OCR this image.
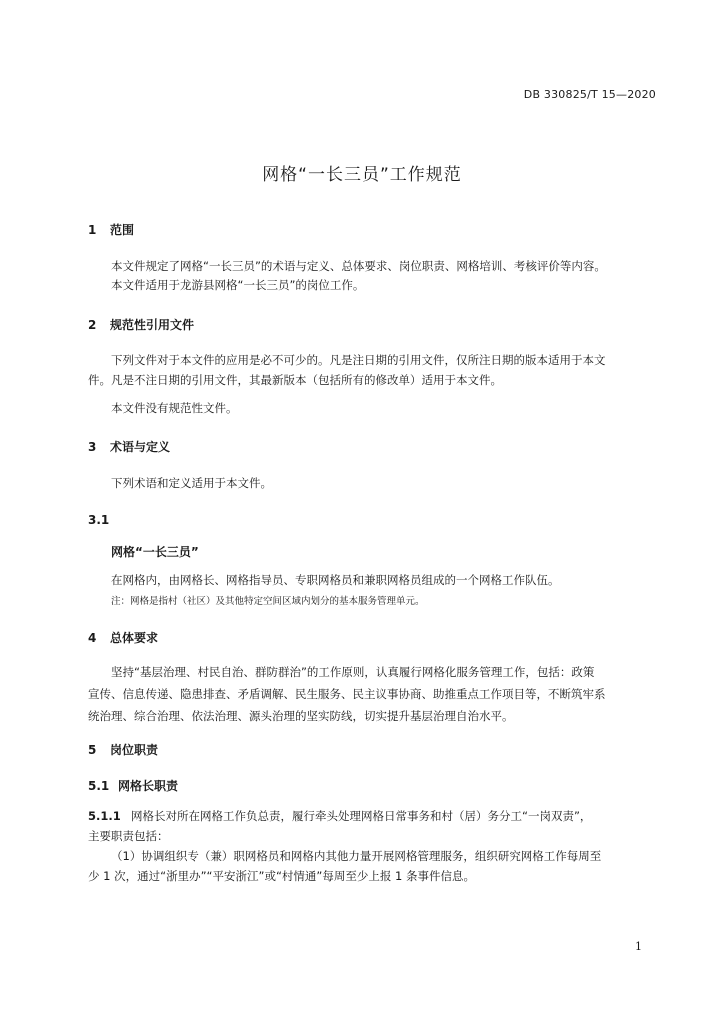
DB 330825/T 15—2020
网格“一长三员”工作规范
1 范围
本文件规定了网格“一长三员”的术语与定义、总体要求、岗位职责、网格培训、考核评价等内容。
本文件适用于龙游县网格“一长三员”的岗位工作。
2 规范性引用文件
下列文件对于本文件的应用是必不可少的。凡是注日期的引用文件，仅所注日期的版本适用于本文
件。凡是不注日期的引用文件，其最新版本（包括所有的修改单）适用于本文件。
本文件没有规范性文件。
3 术语与定义
下列术语和定义适用于本文件。
3.1
网格“一长三员”
在网格内，由网格长、网格指导员、专职网格员和兼职网格员组成的一个网格工作队伍。
注：网格是指村（社区）及其他特定空间区域内划分的基本服务管理单元。
4 总体要求
坚持“基层治理、村民自治、群防群治”的工作原则，认真履行网格化服务管理工作，包括：政策
宣传、信息传递、隐患排查、矛盾调解、民生服务、民主议事协商、助推重点工作项目等，不断筑牢系
统治理、综合治理、依法治理、源头治理的坚实防线，切实提升基层治理自治水平。
5 岗位职责
5.1 网格长职责
5.1.1 网格长对所在网格工作负总责，履行牵头处理网格日常事务和村（居）务分工“一岗双责”，
主要职责包括：
（1）协调组织专（兼）职网格员和网格内其他力量开展网格管理服务，组织研究网格工作每周至
少 1 次，通过“浙里办”“平安浙江”或“村情通”每周至少上报 1 条事件信息。
1
